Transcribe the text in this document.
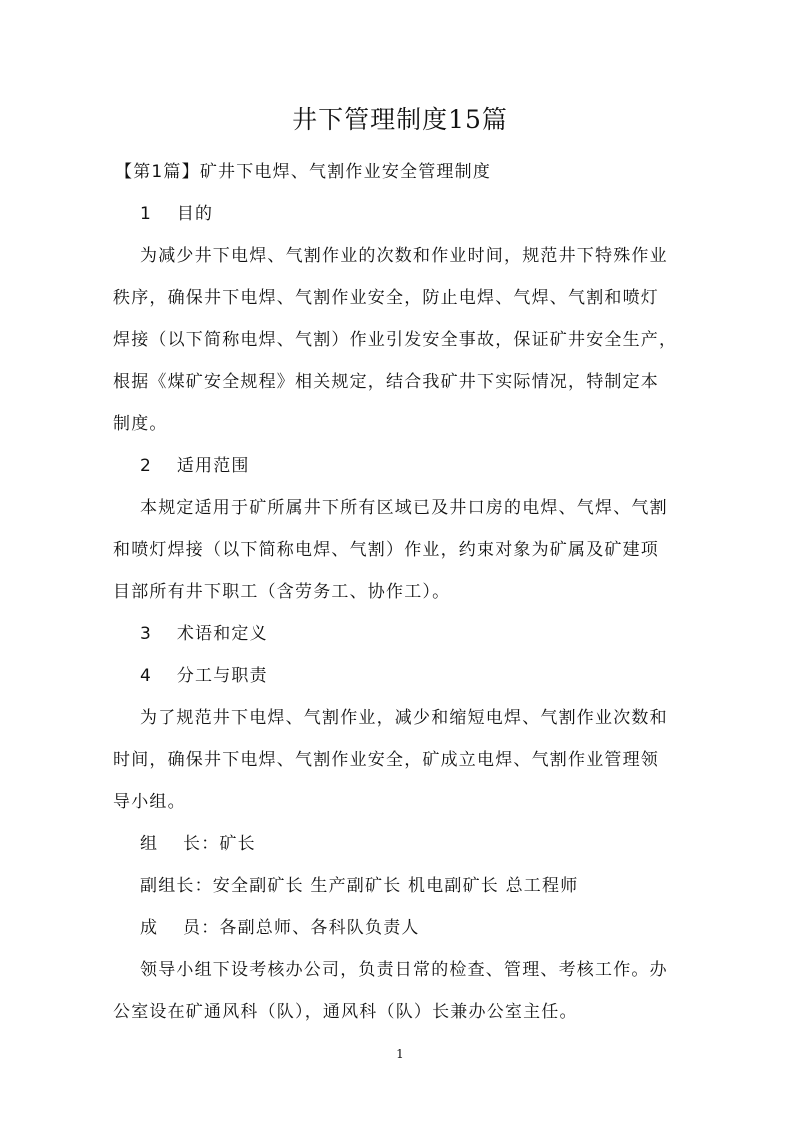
井下管理制度15篇
【第1篇】矿井下电焊、气割作业安全管理制度
1　 目的
为减少井下电焊、气割作业的次数和作业时间，规范井下特殊作业
秩序，确保井下电焊、气割作业安全，防止电焊、气焊、气割和喷灯
焊接（以下简称电焊、气割）作业引发安全事故，保证矿井安全生产，
根据《煤矿安全规程》相关规定，结合我矿井下实际情况，特制定本
制度。
2　 适用范围
本规定适用于矿所属井下所有区域已及井口房的电焊、气焊、气割
和喷灯焊接（以下简称电焊、气割）作业，约束对象为矿属及矿建项
目部所有井下职工（含劳务工、协作工）。
3　 术语和定义
4　 分工与职责
为了规范井下电焊、气割作业，减少和缩短电焊、气割作业次数和
时间，确保井下电焊、气割作业安全，矿成立电焊、气割作业管理领
导小组。
组　 长：矿长
副组长：安全副矿长 生产副矿长 机电副矿长 总工程师
成　 员：各副总师、各科队负责人
领导小组下设考核办公司，负责日常的检查、管理、考核工作。办
公室设在矿通风科（队），通风科（队）长兼办公室主任。
1
